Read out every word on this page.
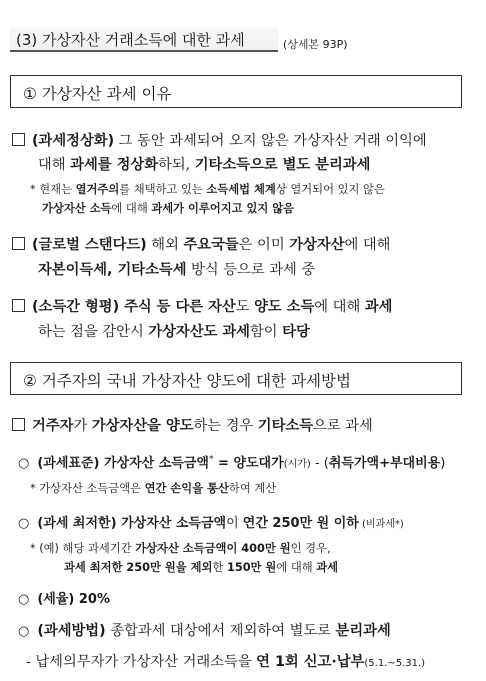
(3) 가상자산 거래소득에 대한 과세	(상세본 93P)
① 가상자산 과세 이유
(과세정상화) 그 동안 과세되어 오지 않은 가상자산 거래 이익에
대해 과세를 정상화하되, 기타소득으로 별도 분리과세
* 현재는 열거주의를 채택하고 있는 소득세법 체계상 열거되어 있지 않은
가상자산 소득에 대해 과세가 이루어지고 있지 않음
(글로벌 스탠다드) 해외 주요국들은 이미 가상자산에 대해
자본이득세, 기타소득세 방식 등으로 과세 중
(소득간 형평) 주식 등 다른 자산도 양도 소득에 대해 과세
하는 점을 감안시 가상자산도 과세함이 타당
② 거주자의 국내 가상자산 양도에 대한 과세방법
거주자가 가상자산을 양도하는 경우 기타소득으로 과세
○ (과세표준) 가상자산 소득금액* = 양도대가(시가) - (취득가액+부대비용)
* 가상자산 소득금액은 연간 손익을 통산하여 계산
○ (과세 최저한) 가상자산 소득금액이 연간 250만 원 이하 (비과세*)
* (예) 해당 과세기간 가상자산 소득금액이 400만 원인 경우,
과세 최저한 250만 원을 제외한 150만 원에 대해 과세
○ (세율) 20%
○ (과세방법) 종합과세 대상에서 제외하여 별도로 분리과세
- 납세의무자가 가상자산 거래소득을 연 1회 신고·납부(5.1.~5.31.)
